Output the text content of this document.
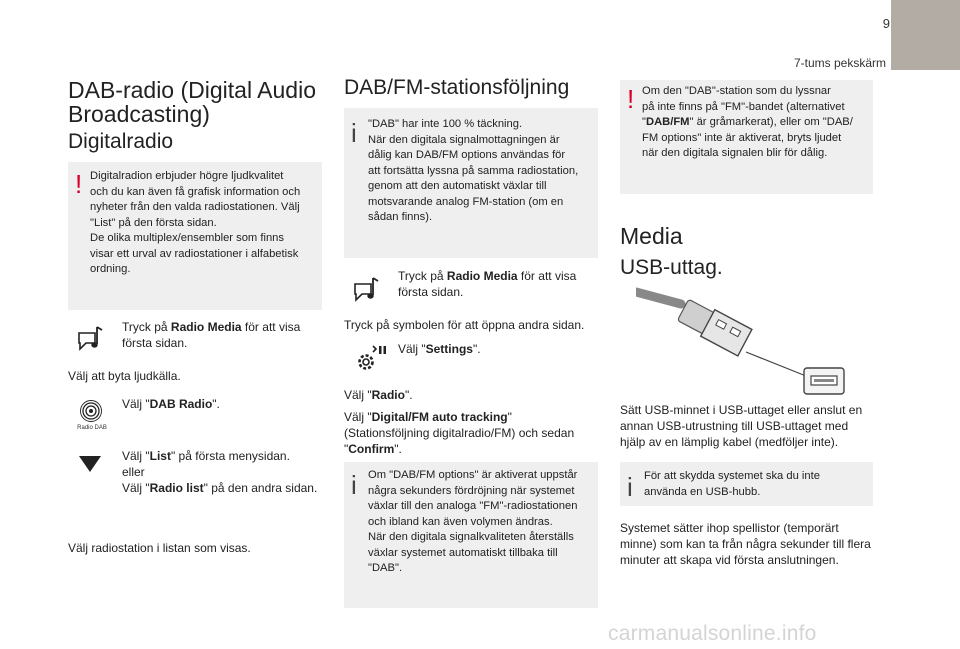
9
7-tums pekskärm
DAB-radio (Digital Audio Broadcasting)
Digitalradio
! Digitalradion erbjuder högre ljudkvalitet
och du kan även få grafisk information och
nyheter från den valda radiostationen. Välj
"List" på den första sidan.
De olika multiplex/ensembler som finns
visar ett urval av radiostationer i alfabetisk
ordning.
Tryck på Radio Media för att visa
första sidan.
Välj att byta ljudkälla.
Radio DAB
Välj "DAB Radio".
Välj "List" på första menysidan.
eller
Välj "Radio list" på den andra sidan.
Välj radiostation i listan som visas.
DAB/FM-stationsföljning
i "DAB" har inte 100 % täckning.
När den digitala signalmottagningen är
dålig kan DAB/FM options användas för
att fortsätta lyssna på samma radiostation,
genom att den automatiskt växlar till
motsvarande analog FM-station (om en
sådan finns).
Tryck på Radio Media för att visa
första sidan.
Tryck på symbolen för att öppna andra sidan.
Välj "Settings".
Välj "Radio".
Välj "Digital/FM auto tracking"
(Stationsföljning digitalradio/FM) och sedan
"Confirm".
i Om "DAB/FM options" är aktiverat uppstår
några sekunders fördröjning när systemet
växlar till den analoga "FM"-radiostationen
och ibland kan även volymen ändras.
När den digitala signalkvaliteten återställs
växlar systemet automatiskt tillbaka till
"DAB".
! Om den "DAB"-station som du lyssnar
på inte finns på "FM"-bandet (alternativet
"DAB/FM" är gråmarkerat), eller om "DAB/
FM options" inte är aktiverat, bryts ljudet
när den digitala signalen blir för dålig.
Media
USB-uttag.
Sätt USB-minnet i USB-uttaget eller anslut en
annan USB-utrustning till USB-uttaget med
hjälp av en lämplig kabel (medföljer inte).
i För att skydda systemet ska du inte
använda en USB-hubb.
Systemet sätter ihop spellistor (temporärt
minne) som kan ta från några sekunder till flera
minuter att skapa vid första anslutningen.
carmanualsonline.info
